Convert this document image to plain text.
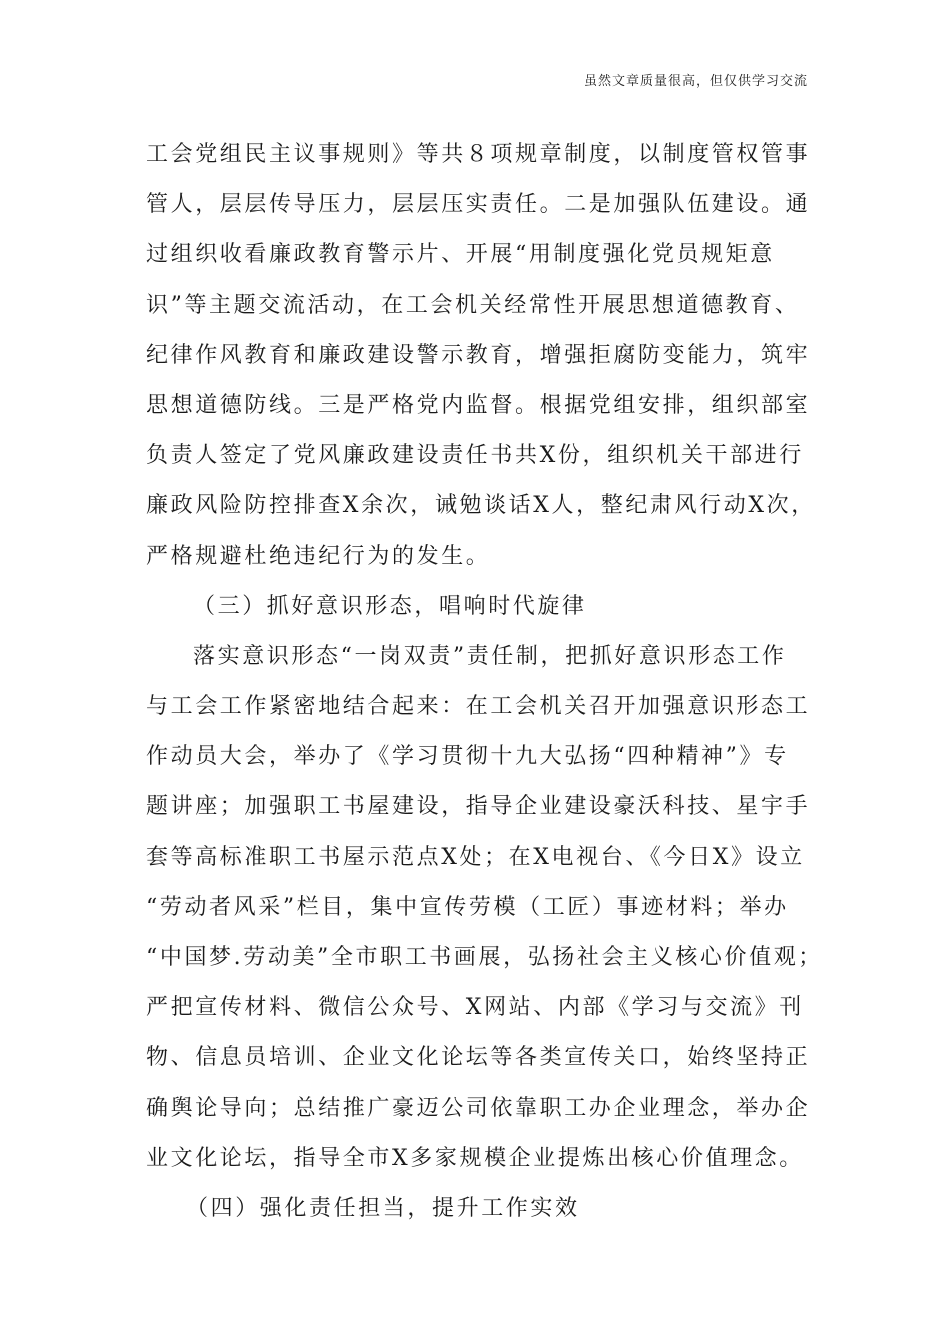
虽然文章质量很高，但仅供学习交流
工会党组民主议事规则》等共８项规章制度，以制度管权管事
管人，层层传导压力，层层压实责任。二是加强队伍建设。通
过组织收看廉政教育警示片、开展“用制度强化党员规矩意
识”等主题交流活动，在工会机关经常性开展思想道德教育、
纪律作风教育和廉政建设警示教育，增强拒腐防变能力，筑牢
思想道德防线。三是严格党内监督。根据党组安排，组织部室
负责人签定了党风廉政建设责任书共X份，组织机关干部进行
廉政风险防控排查X余次，诫勉谈话X人，整纪肃风行动X次，
严格规避杜绝违纪行为的发生。
（三）抓好意识形态，唱响时代旋律
落实意识形态“一岗双责”责任制，把抓好意识形态工作
与工会工作紧密地结合起来：在工会机关召开加强意识形态工
作动员大会，举办了《学习贯彻十九大弘扬“四种精神”》专
题讲座；加强职工书屋建设，指导企业建设豪沃科技、星宇手
套等高标准职工书屋示范点X处；在X电视台、《今日X》设立
“劳动者风采”栏目，集中宣传劳模（工匠）事迹材料；举办
“中国梦.劳动美”全市职工书画展，弘扬社会主义核心价值观；
严把宣传材料、微信公众号、X网站、内部《学习与交流》刊
物、信息员培训、企业文化论坛等各类宣传关口，始终坚持正
确舆论导向；总结推广豪迈公司依靠职工办企业理念，举办企
业文化论坛，指导全市X多家规模企业提炼出核心价值理念。
（四）强化责任担当，提升工作实效
